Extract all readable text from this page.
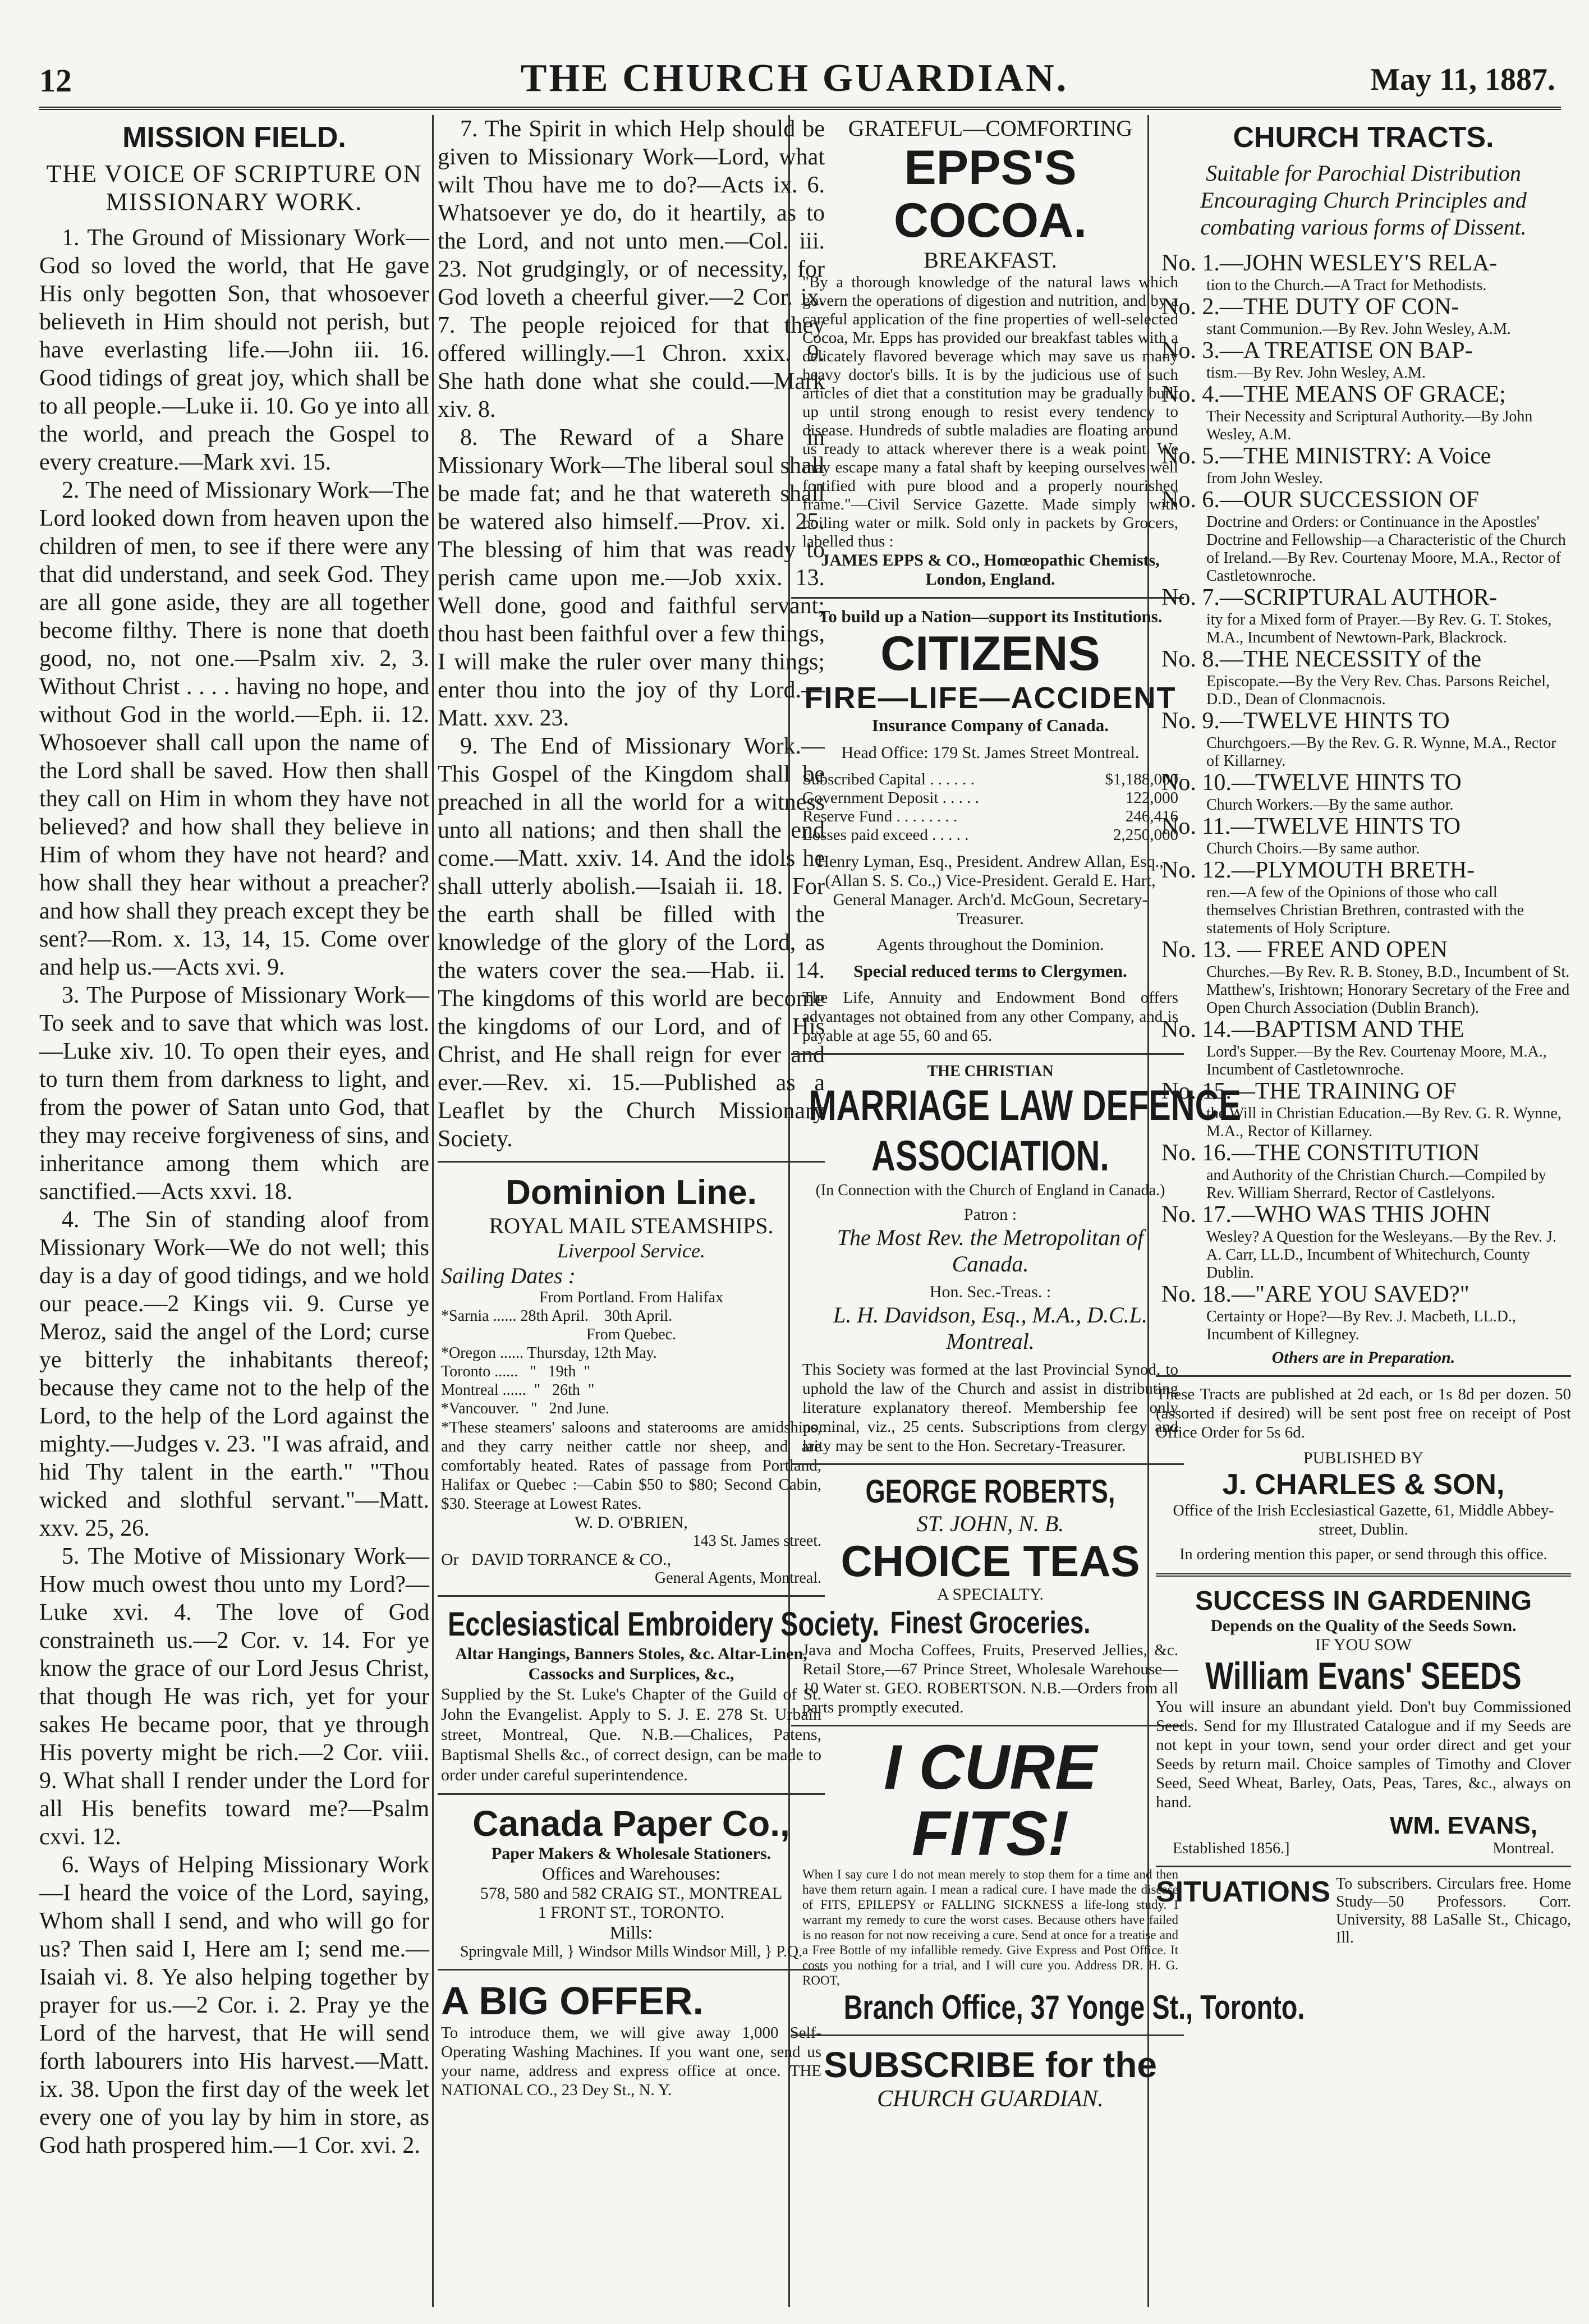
12	THE CHURCH GUARDIAN.	May 11, 1887.
MISSION FIELD.
THE VOICE OF SCRIPTURE ON MISSIONARY WORK.

1. The Ground of Missionary Work—God so loved the world, that He gave His only begotten Son, that whosoever believeth in Him should not perish, but have everlasting life.—John iii. 16. Good tidings of great joy, which shall be to all people.—Luke ii. 10. Go ye into all the world, and preach the Gospel to every creature.—Mark xvi. 15.

2. The need of Missionary Work—The Lord looked down from heaven upon the children of men, to see if there were any that did understand, and seek God. They are all gone aside, they are all together become filthy. There is none that doeth good, no, not one.—Psalm xiv. 2, 3. Without Christ . . . . having no hope, and without God in the world.—Eph. ii. 12. Whosoever shall call upon the name of the Lord shall be saved. How then shall they call on Him in whom they have not believed? and how shall they believe in Him of whom they have not heard? and how shall they hear without a preacher? and how shall they preach except they be sent?—Rom. x. 13, 14, 15. Come over and help us.—Acts xvi. 9.

3. The Purpose of Missionary Work—To seek and to save that which was lost.—Luke xiv. 10. To open their eyes, and to turn them from darkness to light, and from the power of Satan unto God, that they may receive forgiveness of sins, and inheritance among them which are sanctified.—Acts xxvi. 18.

4. The Sin of standing aloof from Missionary Work—We do not well; this day is a day of good tidings, and we hold our peace.—2 Kings vii. 9. Curse ye Meroz, said the angel of the Lord; curse ye bitterly the inhabitants thereof; because they came not to the help of the Lord, to the help of the Lord against the mighty.—Judges v. 23. "I was afraid, and hid Thy talent in the earth." "Thou wicked and slothful servant."—Matt. xxv. 25, 26.

5. The Motive of Missionary Work—How much owest thou unto my Lord?—Luke xvi. 4. The love of God constraineth us.—2 Cor. v. 14. For ye know the grace of our Lord Jesus Christ, that though He was rich, yet for your sakes He became poor, that ye through His poverty might be rich.—2 Cor. viii. 9. What shall I render under the Lord for all His benefits toward me?—Psalm cxvi. 12.

6. Ways of Helping Missionary Work—I heard the voice of the Lord, saying, Whom shall I send, and who will go for us? Then said I, Here am I; send me.—Isaiah vi. 8. Ye also helping together by prayer for us.—2 Cor. i. 2. Pray ye the Lord of the harvest, that He will send forth labourers into His harvest.—Matt. ix. 38. Upon the first day of the week let every one of you lay by him in store, as God hath prospered him.—1 Cor. xvi. 2.

7. The Spirit in which Help should be given to Missionary Work—Lord, what wilt Thou have me to do?—Acts ix. 6. Whatsoever ye do, do it heartily, as to the Lord, and not unto men.—Col. iii. 23. Not grudgingly, or of necessity, for God loveth a cheerful giver.—2 Cor. ix. 7. The people rejoiced for that they offered willingly.—1 Chron. xxix. 9. She hath done what she could.—Mark xiv. 8.

8. The Reward of a Share in Missionary Work—The liberal soul shall be made fat; and he that watereth shall be watered also himself.—Prov. xi. 25. The blessing of him that was ready to perish came upon me.—Job xxix. 13. Well done, good and faithful servant; thou hast been faithful over a few things, I will make the ruler over many things; enter thou into the joy of thy Lord.—Matt. xxv. 23.

9. The End of Missionary Work.—This Gospel of the Kingdom shall be preached in all the world for a witness unto all nations; and then shall the end come.—Matt. xxiv. 14. And the idols he shall utterly abolish.—Isaiah ii. 18. For the earth shall be filled with the knowledge of the glory of the Lord, as the waters cover the sea.—Hab. ii. 14. The kingdoms of this world are become the kingdoms of our Lord, and of His Christ, and He shall reign for ever and ever.—Rev. xi. 15.—Published as a Leaflet by the Church Missionary Society.

Dominion Line.
ROYAL MAIL STEAMSHIPS.
Liverpool Service.
Sailing Dates :
From Portland. From Halifax
*Sarnia ...... 28th April.    30th April.
From Quebec.
*Oregon ...... Thursday, 12th May.
Toronto ......   "   19th  "
Montreal ......  "   26th  "
*Vancouver.   "   2nd June.
*These steamers' saloons and staterooms are amidships, and they carry neither cattle nor sheep, and are comfortably heated. Rates of passage from Portland, Halifax or Quebec :—Cabin $50 to $80; Second Cabin, $30. Steerage at Lowest Rates.
W. D. O'BRIEN,
143 St. James street.
Or DAVID TORRANCE & CO.,
General Agents, Montreal.
Ecclesiastical Embroidery Society.
Altar Hangings, Banners Stoles, &c. Altar-Linen, Cassocks and Surplices, &c.,
Supplied by the St. Luke's Chapter of the Guild of St. John the Evangelist. Apply to S. J. E. 278 St. Urbain street, Montreal, Que. N.B.—Chalices, Patens, Baptismal Shells &c., of correct design, can be made to order under careful superintendence.
Canada Paper Co.,
Paper Makers & Wholesale Stationers.
Offices and Warehouses:
578, 580 and 582 CRAIG ST., MONTREAL
1 FRONT ST., TORONTO.
Mills:
Springvale Mill, } Windsor Mills Windsor Mill, } P.Q.
A BIG OFFER.
To introduce them, we will give away 1,000 Self-Operating Washing Machines. If you want one, send us your name, address and express office at once. THE NATIONAL CO., 23 Dey St., N. Y.
GRATEFUL—COMFORTING
EPPS'S COCOA.
BREAKFAST.
"By a thorough knowledge of the natural laws which govern the operations of digestion and nutrition, and by a careful application of the fine properties of well-selected Cocoa, Mr. Epps has provided our breakfast tables with a delicately flavored beverage which may save us many heavy doctor's bills. It is by the judicious use of such articles of diet that a constitution may be gradually built up until strong enough to resist every tendency to disease. Hundreds of subtle maladies are floating around us ready to attack wherever there is a weak point. We may escape many a fatal shaft by keeping ourselves well fortified with pure blood and a properly nourished frame."—Civil Service Gazette. Made simply with boiling water or milk. Sold only in packets by Grocers, labelled thus :
JAMES EPPS & CO., Homœopathic Chemists, London, England.
To build up a Nation—support its Institutions.
CITIZENS
FIRE—LIFE—ACCIDENT
Insurance Company of Canada.
Head Office: 179 St. James Street Montreal.
Subscribed Capital . . . . . .	$1,188,000
Government Deposit . . . . .	122,000
Reserve Fund . . . . . . . .	246,416
Losses paid exceed . . . . .	2,250,000
Henry Lyman, Esq., President. Andrew Allan, Esq., (Allan S. S. Co.,) Vice-President. Gerald E. Hart, General Manager. Arch'd. McGoun, Secretary-Treasurer.
Agents throughout the Dominion.
Special reduced terms to Clergymen.
The Life, Annuity and Endowment Bond offers advantages not obtained from any other Company, and is payable at age 55, 60 and 65.
THE CHRISTIAN
MARRIAGE LAW DEFENCE
ASSOCIATION.
(In Connection with the Church of England in Canada.)
Patron :
The Most Rev. the Metropolitan of Canada.
Hon. Sec.-Treas. :
L. H. Davidson, Esq., M.A., D.C.L. Montreal.
This Society was formed at the last Provincial Synod, to uphold the law of the Church and assist in distributing literature explanatory thereof. Membership fee only nominal, viz., 25 cents. Subscriptions from clergy and laity may be sent to the Hon. Secretary-Treasurer.
GEORGE ROBERTS,
ST. JOHN, N. B.
CHOICE TEAS
A SPECIALTY.
Finest Groceries.
Java and Mocha Coffees, Fruits, Preserved Jellies, &c. Retail Store,—67 Prince Street, Wholesale Warehouse—10 Water st. GEO. ROBERTSON. N.B.—Orders from all parts promptly executed.
I CURE FITS!
When I say cure I do not mean merely to stop them for a time and then have them return again. I mean a radical cure. I have made the disease of FITS, EPILEPSY or FALLING SICKNESS a life-long study. I warrant my remedy to cure the worst cases. Because others have failed is no reason for not now receiving a cure. Send at once for a treatise and a Free Bottle of my infallible remedy. Give Express and Post Office. It costs you nothing for a trial, and I will cure you. Address DR. H. G. ROOT,
Branch Office, 37 Yonge St., Toronto.
SUBSCRIBE for the
CHURCH GUARDIAN.
CHURCH TRACTS.
Suitable for Parochial Distribution Encouraging Church Principles and combating various forms of Dissent.
No. 1.—JOHN WESLEY'S RELA-
tion to the Church.—A Tract for Methodists.
No. 2.—THE DUTY OF CON-
stant Communion.—By Rev. John Wesley, A.M.
No. 3.—A TREATISE ON BAP-
tism.—By Rev. John Wesley, A.M.
No. 4.—THE MEANS OF GRACE;
Their Necessity and Scriptural Authority.—By John Wesley, A.M.
No. 5.—THE MINISTRY: A Voice
from John Wesley.
No. 6.—OUR SUCCESSION OF
Doctrine and Orders: or Continuance in the Apostles' Doctrine and Fellowship—a Characteristic of the Church of Ireland.—By Rev. Courtenay Moore, M.A., Rector of Castletownroche.
No. 7.—SCRIPTURAL AUTHOR-
ity for a Mixed form of Prayer.—By Rev. G. T. Stokes, M.A., Incumbent of Newtown-Park, Blackrock.
No. 8.—THE NECESSITY of the
Episcopate.—By the Very Rev. Chas. Parsons Reichel, D.D., Dean of Clonmacnois.
No. 9.—TWELVE HINTS TO
Churchgoers.—By the Rev. G. R. Wynne, M.A., Rector of Killarney.
No. 10.—TWELVE HINTS TO
Church Workers.—By the same author.
No. 11.—TWELVE HINTS TO
Church Choirs.—By same author.
No. 12.—PLYMOUTH BRETH-
ren.—A few of the Opinions of those who call themselves Christian Brethren, contrasted with the statements of Holy Scripture.
No. 13. — FREE AND OPEN
Churches.—By Rev. R. B. Stoney, B.D., Incumbent of St. Matthew's, Irishtown; Honorary Secretary of the Free and Open Church Association (Dublin Branch).
No. 14.—BAPTISM AND THE
Lord's Supper.—By the Rev. Courtenay Moore, M.A., Incumbent of Castletownroche.
No. 15.—THE TRAINING OF
the Will in Christian Education.—By Rev. G. R. Wynne, M.A., Rector of Killarney.
No. 16.—THE CONSTITUTION
and Authority of the Christian Church.—Compiled by Rev. William Sherrard, Rector of Castlelyons.
No. 17.—WHO WAS THIS JOHN
Wesley? A Question for the Wesleyans.—By the Rev. J. A. Carr, LL.D., Incumbent of Whitechurch, County Dublin.
No. 18.—"ARE YOU SAVED?"
Certainty or Hope?—By Rev. J. Macbeth, LL.D., Incumbent of Killegney.
Others are in Preparation.
These Tracts are published at 2d each, or 1s 8d per dozen. 50 (assorted if desired) will be sent post free on receipt of Post Office Order for 5s 6d.
PUBLISHED BY
J. CHARLES & SON,
Office of the Irish Ecclesiastical Gazette, 61, Middle Abbey-street, Dublin.
In ordering mention this paper, or send through this office.
SUCCESS IN GARDENING
Depends on the Quality of the Seeds Sown.
IF YOU SOW
William Evans' SEEDS
You will insure an abundant yield. Don't buy Commissioned Seeds. Send for my Illustrated Catalogue and if my Seeds are not kept in your town, send your order direct and get your Seeds by return mail. Choice samples of Timothy and Clover Seed, Seed Wheat, Barley, Oats, Peas, Tares, &c., always on hand.
WM. EVANS,
Established 1856.]	Montreal.
SITUATIONS To subscribers. Circulars free. Home Study—50 Professors. Corr. University, 88 LaSalle St., Chicago, Ill.
